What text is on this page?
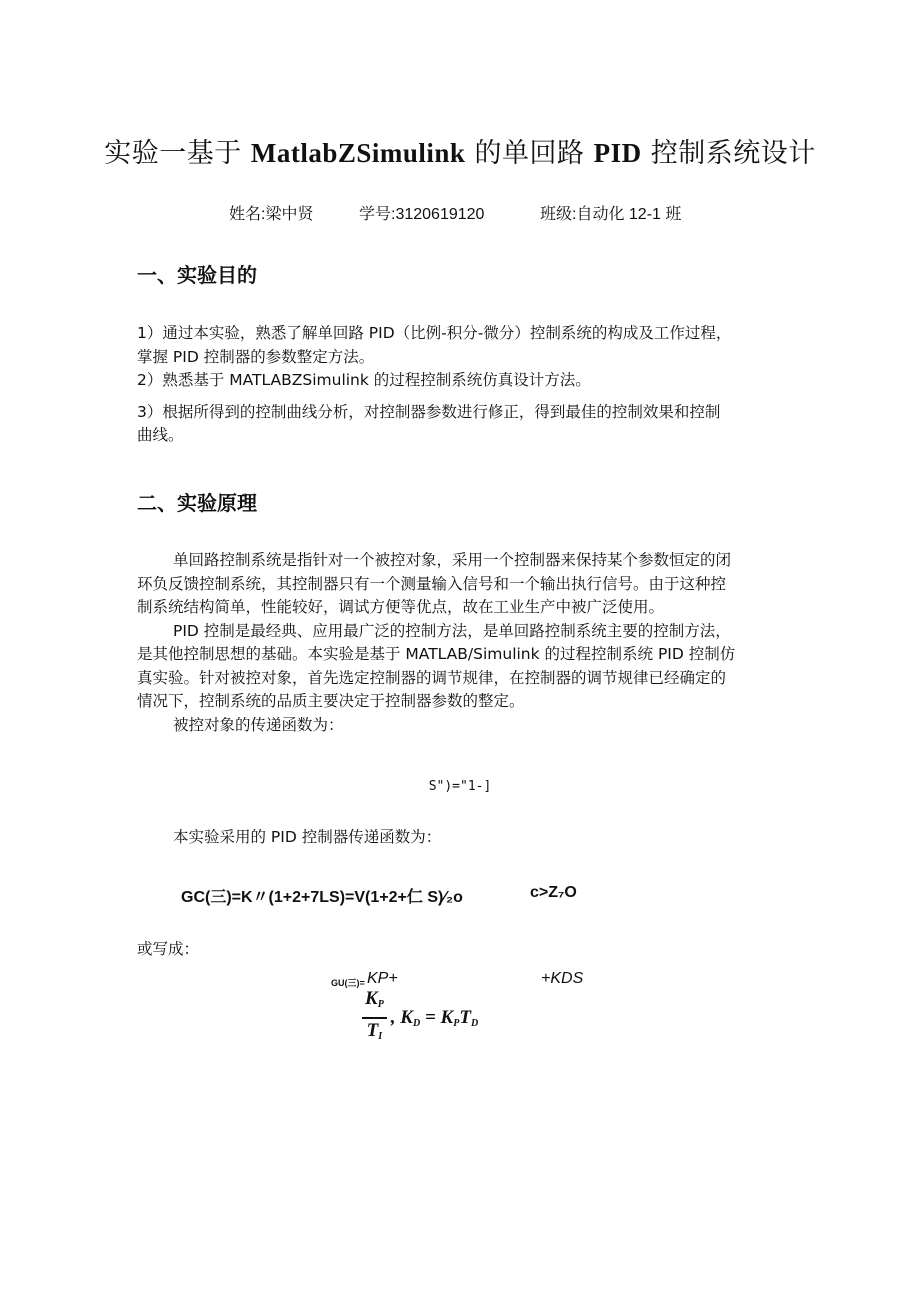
实验一基于 MatlabZSimulink 的单回路 PID 控制系统设计
姓名:梁中贤	学号:3120619120	班级:自动化 12-1 班
一、实验目的
1）通过本实验，熟悉了解单回路 PID（比例-积分-微分）控制系统的构成及工作过程，
掌握 PID 控制器的参数整定方法。
2）熟悉基于 MATLABZSimulink 的过程控制系统仿真设计方法。
3）根据所得到的控制曲线分析，对控制器参数进行修正，得到最佳的控制效果和控制
曲线。
二、实验原理
单回路控制系统是指针对一个被控对象，采用一个控制器来保持某个参数恒定的闭
环负反馈控制系统，其控制器只有一个测量输入信号和一个输出执行信号。由于这种控
制系统结构简单，性能较好，调试方便等优点，故在工业生产中被广泛使用。
PID 控制是最经典、应用最广泛的控制方法，是单回路控制系统主要的控制方法，
是其他控制思想的基础。本实验是基于 MATLAB/Simulink 的过程控制系统 PID 控制仿
真实验。针对被控对象，首先选定控制器的调节规律，在控制器的调节规律已经确定的
情况下，控制系统的品质主要决定于控制器参数的整定。
被控对象的传递函数为：
S")="1-]
本实验采用的 PID 控制器传递函数为：
GC(三)=K〃(1+2+7LS)=V(1+2+仁 S)⁄₂o	c>Z₇O
或写成：
GU(三)= KP+	+KDS
$\frac{K_P}{T_I}$ , $K_D = K_PT_D$
